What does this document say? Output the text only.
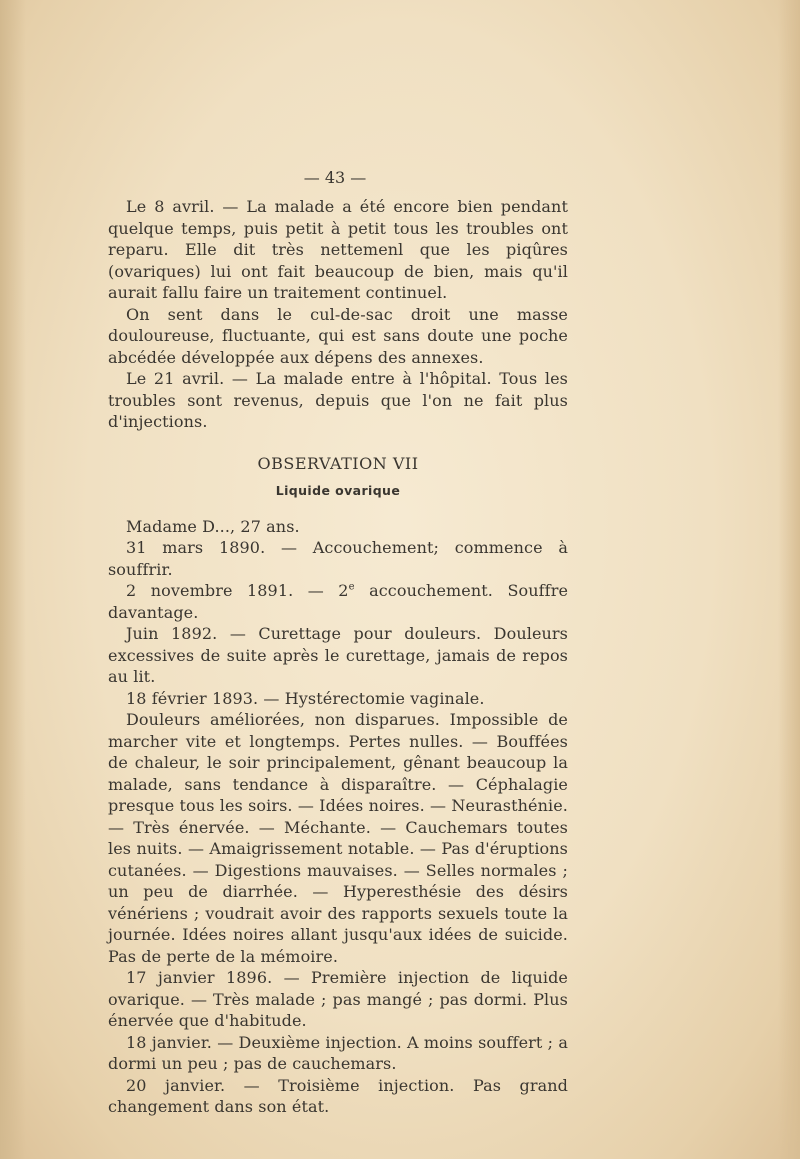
— 43 —

Le 8 avril. — La malade a été encore bien pendant quelque temps, puis petit à petit tous les troubles ont reparu. Elle dit très nettemenl que les piqûres (ovariques) lui ont fait beaucoup de bien, mais qu'il aurait fallu faire un traitement continuel.

On sent dans le cul-de-sac droit une masse douloureuse, fluctuante, qui est sans doute une poche abcédée développée aux dépens des annexes.

Le 21 avril. — La malade entre à l'hôpital. Tous les troubles sont revenus, depuis que l'on ne fait plus d'injections.

OBSERVATION VII

Liquide ovarique

Madame D..., 27 ans.

31 mars 1890. — Accouchement; commence à souffrir.

2 novembre 1891. — 2e accouchement. Souffre davantage.

Juin 1892. — Curettage pour douleurs. Douleurs excessives de suite après le curettage, jamais de repos au lit.

18 février 1893. — Hystérectomie vaginale.

Douleurs améliorées, non disparues. Impossible de marcher vite et longtemps. Pertes nulles. — Bouffées de chaleur, le soir principalement, gênant beaucoup la malade, sans tendance à disparaître. — Céphalagie presque tous les soirs. — Idées noires. — Neurasthénie. — Très énervée. — Méchante. — Cauchemars toutes les nuits. — Amaigrissement notable. — Pas d'éruptions cutanées. — Digestions mauvaises. — Selles normales ; un peu de diarrhée. — Hyperesthésie des désirs vénériens ; voudrait avoir des rapports sexuels toute la journée. Idées noires allant jusqu'aux idées de suicide. Pas de perte de la mémoire.

17 janvier 1896. — Première injection de liquide ovarique. — Très malade ; pas mangé ; pas dormi. Plus énervée que d'habitude.

18 janvier. — Deuxième injection. A moins souffert ; a dormi un peu ; pas de cauchemars.

20 janvier. — Troisième injection. Pas grand changement dans son état.
